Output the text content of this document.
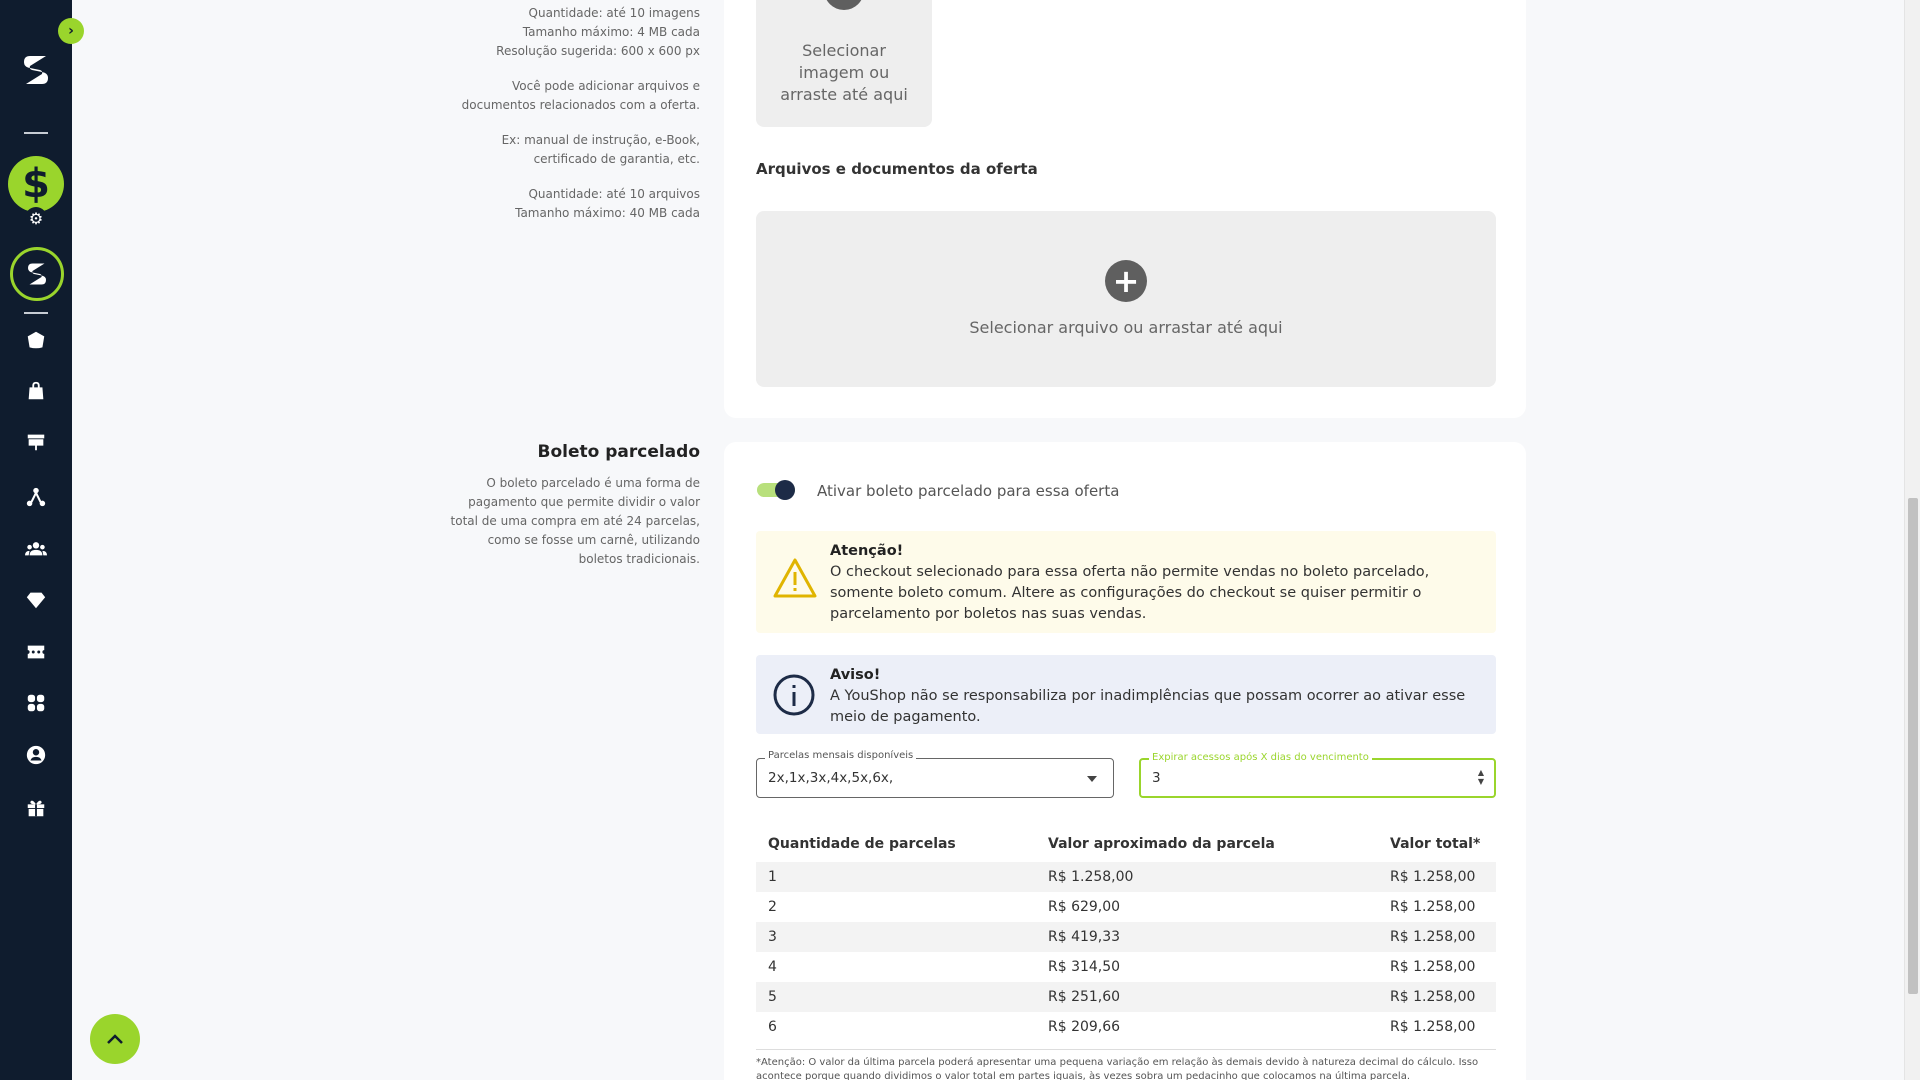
›
$
⚙

Quantidade: até 10 imagens
Tamanho máximo: 4 MB cada
Resolução sugerida: 600 x 600 px

Você pode adicionar arquivos e documentos relacionados com a oferta.

Ex: manual de instrução, e-Book, certificado de garantia, etc.

Quantidade: até 10 arquivos
Tamanho máximo: 40 MB cada

Boleto parcelado

O boleto parcelado é uma forma de pagamento que permite dividir o valor total de uma compra em até 24 parcelas, como se fosse um carnê, utilizando boletos tradicionais.

Selecionar imagem ou arraste até aqui
Arquivos e documentos da oferta
+
Selecionar arquivo ou arrastar até aqui
Ativar boleto parcelado para essa oferta
Atenção!
O checkout selecionado para essa oferta não permite vendas no boleto parcelado, somente boleto comum. Altere as configurações do checkout se quiser permitir o parcelamento por boletos nas suas vendas.
Aviso!
A YouShop não se responsabiliza por inadimplências que possam ocorrer ao ativar esse meio de pagamento.
Parcelas mensais disponíveis
2x,1x,3x,4x,5x,6x,
Expirar acessos após X dias do vencimento
3	▲
▼
Quantidade de parcelas	Valor aproximado da parcela	Valor total*
1	R$ 1.258,00	R$ 1.258,00
2	R$ 629,00	R$ 1.258,00
3	R$ 419,33	R$ 1.258,00
4	R$ 314,50	R$ 1.258,00
5	R$ 251,60	R$ 1.258,00
6	R$ 209,66	R$ 1.258,00
*Atenção: O valor da última parcela poderá apresentar uma pequena variação em relação às demais devido à natureza decimal do cálculo. Isso acontece porque quando dividimos o valor total em partes iguais, às vezes sobra um pedacinho que colocamos na última parcela.
